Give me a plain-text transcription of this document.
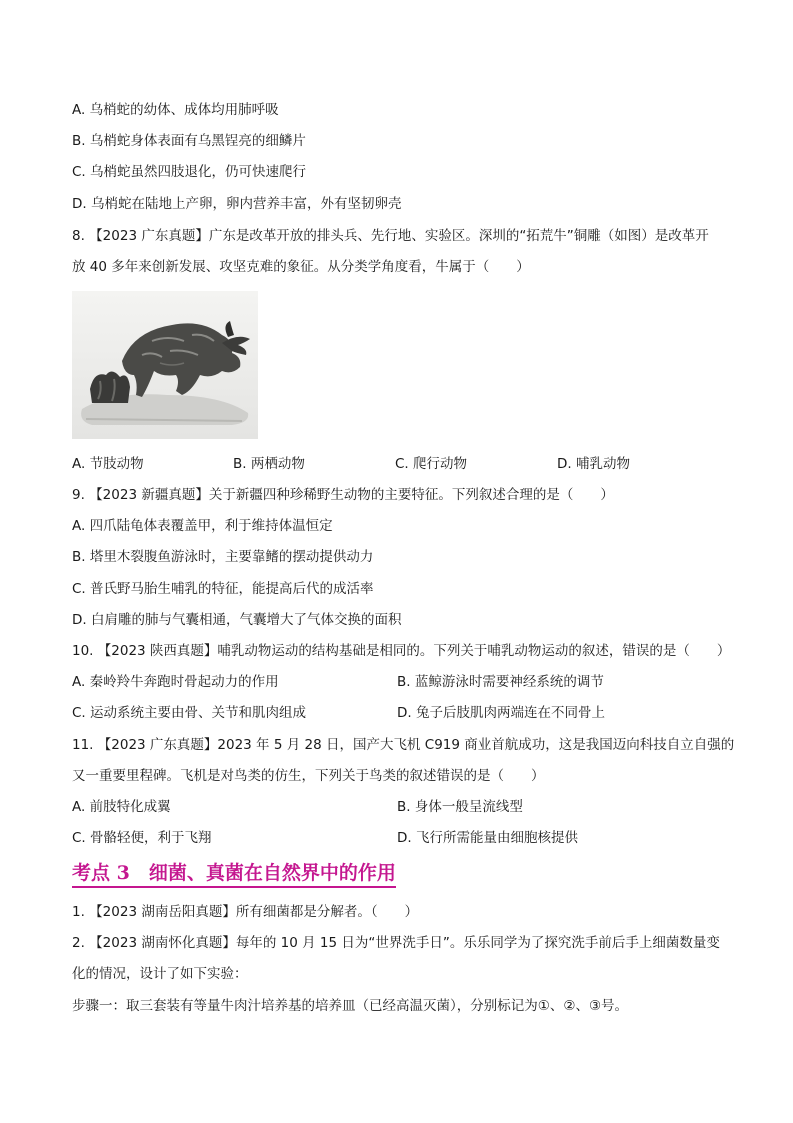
A. 乌梢蛇的幼体、成体均用肺呼吸
B. 乌梢蛇身体表面有乌黑锃亮的细鳞片
C. 乌梢蛇虽然四肢退化，仍可快速爬行
D. 乌梢蛇在陆地上产卵，卵内营养丰富，外有坚韧卵壳
8. 【2023 广东真题】广东是改革开放的排头兵、先行地、实验区。深圳的“拓荒牛”铜雕（如图）是改革开
放 40 多年来创新发展、攻坚克难的象征。从分类学角度看，牛属于（　　）
A. 节肢动物	B. 两栖动物	C. 爬行动物	D. 哺乳动物
9. 【2023 新疆真题】关于新疆四种珍稀野生动物的主要特征。下列叙述合理的是（　　）
A. 四爪陆龟体表覆盖甲，利于维持体温恒定
B. 塔里木裂腹鱼游泳时，主要靠鳍的摆动提供动力
C. 普氏野马胎生哺乳的特征，能提高后代的成活率
D. 白肩雕的肺与气囊相通，气囊增大了气体交换的面积
10. 【2023 陕西真题】哺乳动物运动的结构基础是相同的。下列关于哺乳动物运动的叙述，错误的是（　　）
A. 秦岭羚牛奔跑时骨起动力的作用	B. 蓝鲸游泳时需要神经系统的调节
C. 运动系统主要由骨、关节和肌肉组成	D. 兔子后肢肌肉两端连在不同骨上
11. 【2023 广东真题】2023 年 5 月 28 日，国产大飞机 C919 商业首航成功，这是我国迈向科技自立自强的
又一重要里程碑。飞机是对鸟类的仿生，下列关于鸟类的叙述错误的是（　　）
A. 前肢特化成翼	B. 身体一般呈流线型
C. 骨骼轻便，利于飞翔	D. 飞行所需能量由细胞核提供
考点 3　细菌、真菌在自然界中的作用
1. 【2023 湖南岳阳真题】所有细菌都是分解者。（　　）
2. 【2023 湖南怀化真题】每年的 10 月 15 日为“世界洗手日”。乐乐同学为了探究洗手前后手上细菌数量变
化的情况，设计了如下实验：
步骤一：取三套装有等量牛肉汁培养基的培养皿（已经高温灭菌），分别标记为①、②、③号。
